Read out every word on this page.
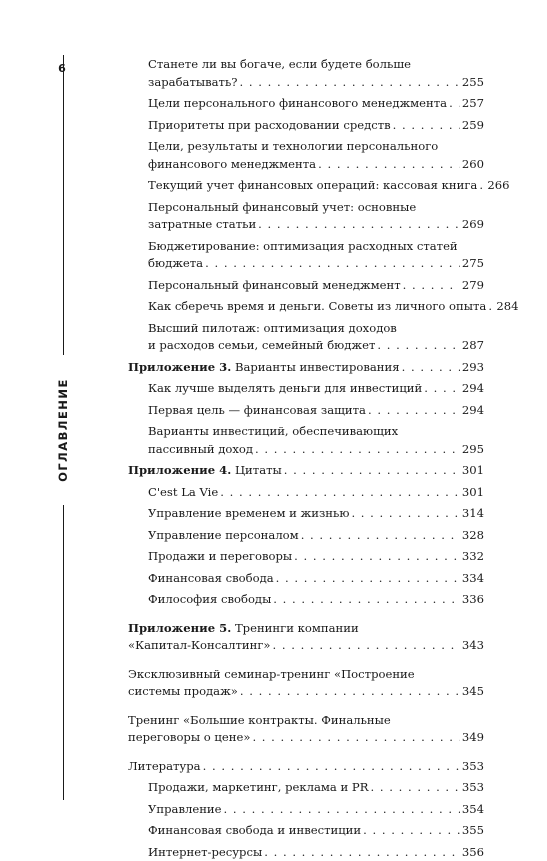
6
ОГЛАВЛЕНИЕ
Станете ли вы богаче, если будете больше
зарабатывать? . . .	255
Цели персонального финансового менеджмента . . . 257
Приоритеты при расходовании средств . . .	259
Цели, результаты и технологии персонального
финансового менеджмента . . .	260
Текущий учет финансовых операций: кассовая книга . . . 266
Персональный финансовый учет: основные
затратные статьи . . .	269
Бюджетирование: оптимизация расходных статей
бюджета . . .	275
Персональный финансовый менеджмент . . .	279
Как сберечь время и деньги. Советы из личного опыта . . . 284
Высший пилотаж: оптимизация доходов
и расходов семьи, семейный бюджет . . .	287
Приложение 3. Варианты инвестирования . . .	293
Как лучше выделять деньги для инвестиций . . .	294
Первая цель — финансовая защита . . .	294
Варианты инвестиций, обеспечивающих
пассивный доход . . .	295
Приложение 4. Цитаты . . .	301
C'est La Vie . . .	301
Управление временем и жизнью . . .	314
Управление персоналом . . .	328
Продажи и переговоры . . .	332
Финансовая свобода . . .	334
Философия свободы . . .	336
Приложение 5. Тренинги компании
«Капитал-Консалтинг» . . .	343
Эксклюзивный семинар-тренинг «Построение
системы продаж» . . .	345
Тренинг «Большие контракты. Финальные
переговоры о цене» . . .	349
Литература . . .	353
Продажи, маркетинг, реклама и PR . . .	353
Управление . . .	354
Финансовая свобода и инвестиции . . .	355
Интернет-ресурсы . . .	356
